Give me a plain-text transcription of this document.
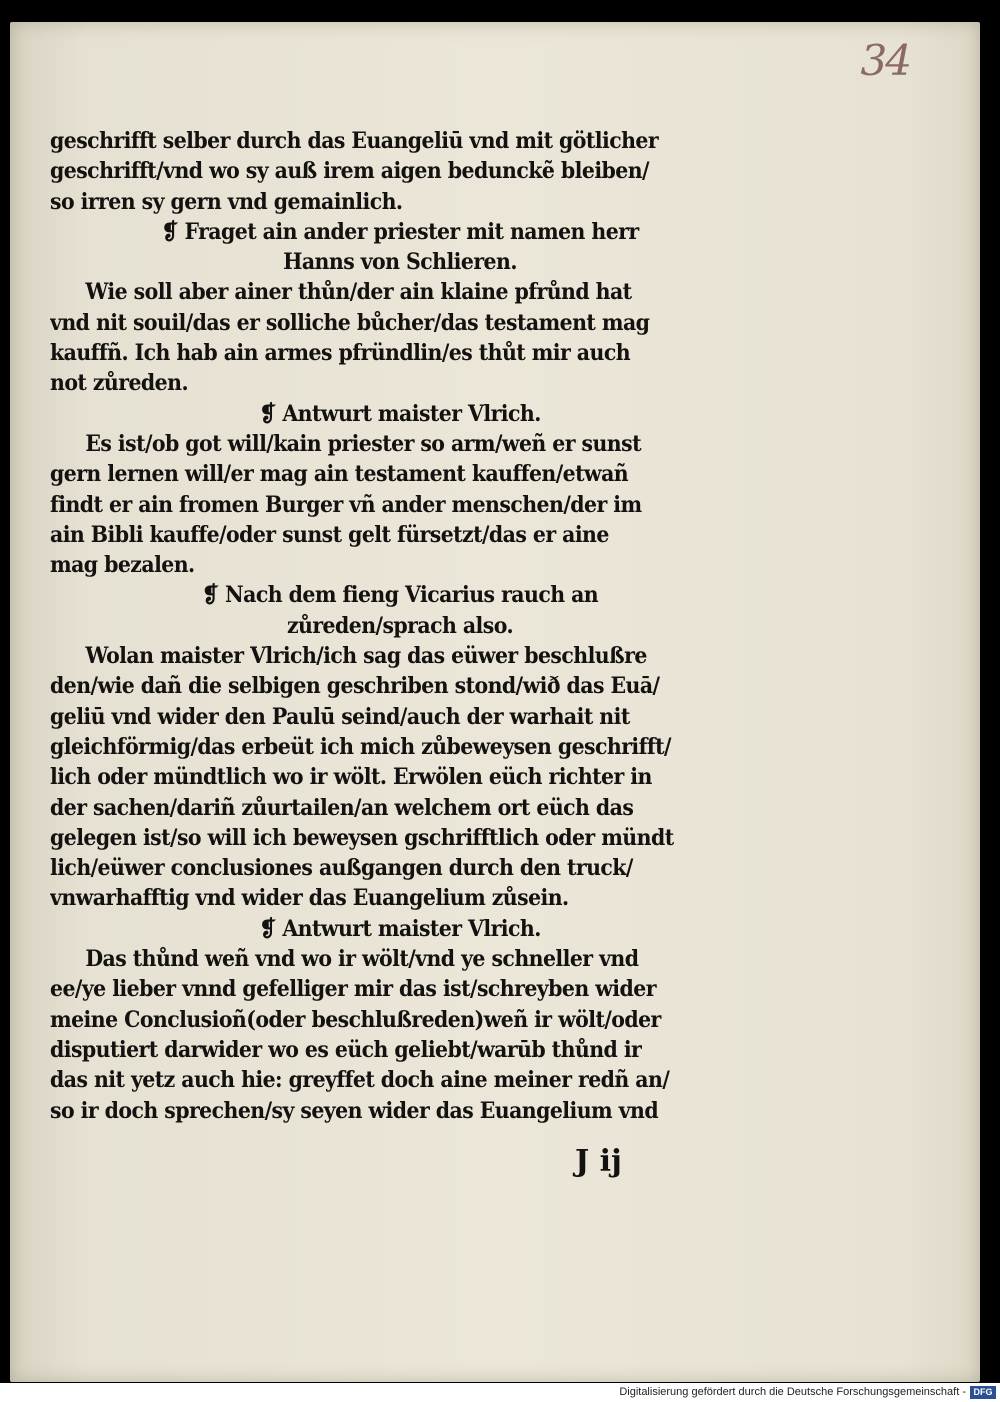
34
geschrifft selber durch das Euangeliū vnd mit götlicher
geschrifft/vnd wo sy auß irem aigen bedunckẽ bleiben/
so irren sy gern vnd gemainlich.
❡ Fraget ain ander priester mit namen herr
Hanns von Schlieren.
Wie soll aber ainer thůn/der ain klaine pfrůnd hat
vnd nit souil/das er solliche bůcher/das testament mag
kauffñ. Ich hab ain armes pfründlin/es thůt mir auch
not zůreden.
❡ Antwurt maister Vlrich.
Es ist/ob got will/kain priester so arm/weñ er sunst
gern lernen will/er mag ain testament kauffen/etwañ
findt er ain fromen Burger vñ ander menschen/der im
ain Bibli kauffe/oder sunst gelt fürsetzt/das er aine
mag bezalen.
❡ Nach dem fieng Vicarius rauch an
zůreden/sprach also.
Wolan maister Vlrich/ich sag das eüwer beschlußre
den/wie dañ die selbigen geschriben stond/wið das Euā/
geliū vnd wider den Paulū seind/auch der warhait nit
gleichförmig/das erbeüt ich mich zůbeweysen geschrifft/
lich oder mündtlich wo ir wölt. Erwölen eüch richter in
der sachen/dariñ zůurtailen/an welchem ort eüch das
gelegen ist/so will ich beweysen gschrifftlich oder mündt
lich/eüwer conclusiones außgangen durch den truck/
vnwarhafftig vnd wider das Euangelium zůsein.
❡ Antwurt maister Vlrich.
Das thůnd weñ vnd wo ir wölt/vnd ye schneller vnd
ee/ye lieber vnnd gefelliger mir das ist/schreyben wider
meine Conclusioñ(oder beschlußreden)weñ ir wölt/oder
disputiert darwider wo es eüch geliebt/warūb thůnd ir
das nit yetz auch hie: greyffet doch aine meiner redñ an/
so ir doch sprechen/sy seyen wider das Euangelium vnd
J ij
Digitalisierung gefördert durch die Deutsche Forschungsgemeinschaft - DFG
